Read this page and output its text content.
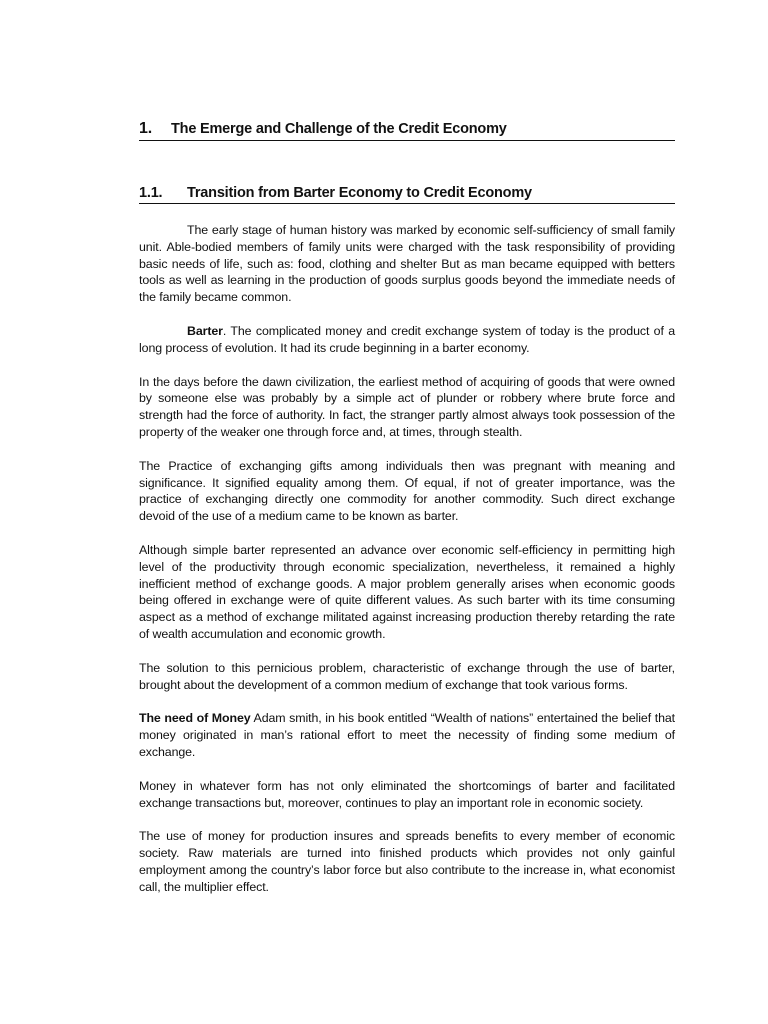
1.	The Emerge and Challenge of the Credit Economy
1.1.	Transition from Barter Economy to Credit Economy

The early stage of human history was marked by economic self-sufficiency of small family unit. Able-bodied members of family units were charged with the task responsibility of providing basic needs of life, such as: food, clothing and shelter But as man became equipped with betters tools as well as learning in the production of goods surplus goods beyond the immediate needs of the family became common.

Barter. The complicated money and credit exchange system of today is the product of a long process of evolution. It had its crude beginning in a barter economy.

In the days before the dawn civilization, the earliest method of acquiring of goods that were owned by someone else was probably by a simple act of plunder or robbery where brute force and strength had the force of authority. In fact, the stranger partly almost always took possession of the property of the weaker one through force and, at times, through stealth.

The Practice of exchanging gifts among individuals then was pregnant with meaning and significance. It signified equality among them. Of equal, if not of greater importance, was the practice of exchanging directly one commodity for another commodity. Such direct exchange devoid of the use of a medium came to be known as barter.

Although simple barter represented an advance over economic self-efficiency in permitting high level of the productivity through economic specialization, nevertheless, it remained a highly inefficient method of exchange goods. A major problem generally arises when economic goods being offered in exchange were of quite different values. As such barter with its time consuming aspect as a method of exchange militated against increasing production thereby retarding the rate of wealth accumulation and economic growth.

The solution to this pernicious problem, characteristic of exchange through the use of barter, brought about the development of a common medium of exchange that took various forms.

The need of Money Adam smith, in his book entitled “Wealth of nations” entertained the belief that money originated in man’s rational effort to meet the necessity of finding some medium of exchange.

Money in whatever form has not only eliminated the shortcomings of barter and facilitated exchange transactions but, moreover, continues to play an important role in economic society.

The use of money for production insures and spreads benefits to every member of economic society. Raw materials are turned into finished products which provides not only gainful employment among the country’s labor force but also contribute to the increase in, what economist call, the multiplier effect.
